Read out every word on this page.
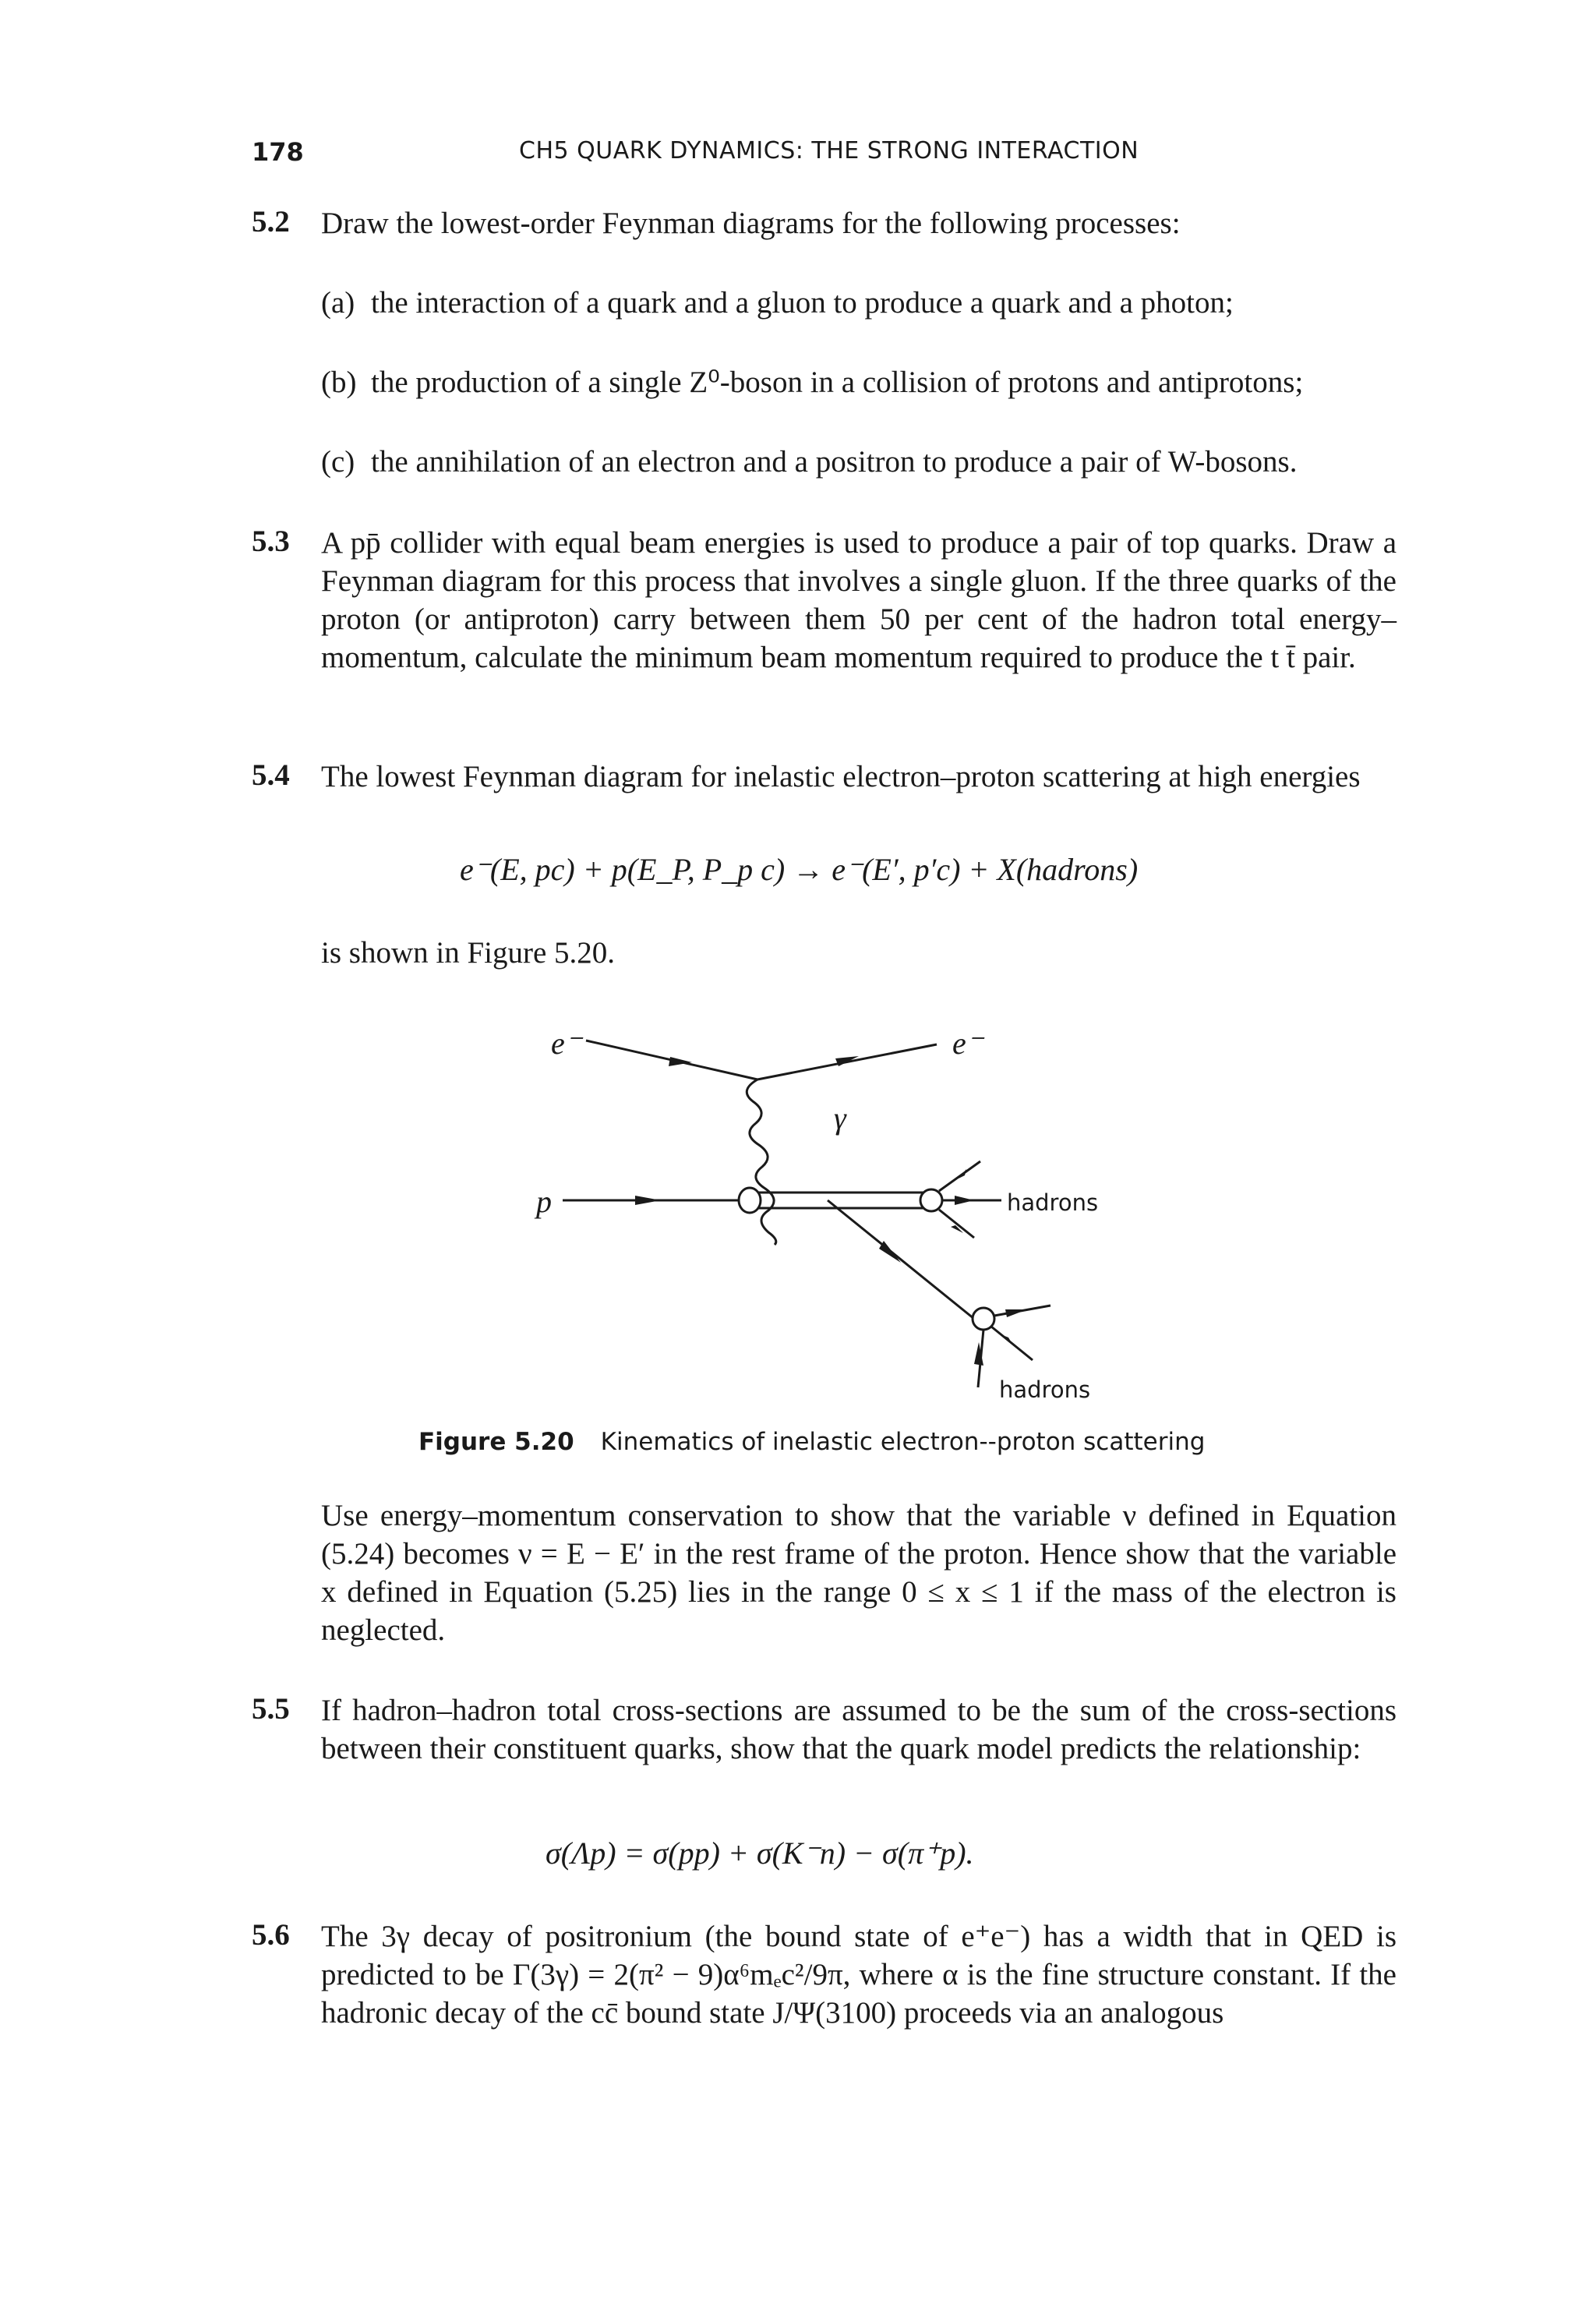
178	CH5 QUARK DYNAMICS: THE STRONG INTERACTION
5.2 Draw the lowest-order Feynman diagrams for the following processes:
(a) the interaction of a quark and a gluon to produce a quark and a photon;
(b) the production of a single Z⁰-boson in a collision of protons and antiprotons;
(c) the annihilation of an electron and a positron to produce a pair of W-bosons.
5.3 A pp̄ collider with equal beam energies is used to produce a pair of top quarks. Draw a Feynman diagram for this process that involves a single gluon. If the three quarks of the proton (or antiproton) carry between them 50 per cent of the hadron total energy–momentum, calculate the minimum beam momentum required to produce the t t̄ pair.
5.4 The lowest Feynman diagram for inelastic electron–proton scattering at high energies
e⁻(E, pc) + p(E_P, P_p c) → e⁻(E′, p′c) + X(hadrons)
is shown in Figure 5.20.
e⁻	e⁻
γ
p	hadrons
hadrons
Figure 5.20 Kinematics of inelastic electron--proton scattering
Use energy–momentum conservation to show that the variable ν defined in Equation (5.24) becomes ν = E − E′ in the rest frame of the proton. Hence show that the variable x defined in Equation (5.25) lies in the range 0 ≤ x ≤ 1 if the mass of the electron is neglected.
5.5 If hadron–hadron total cross-sections are assumed to be the sum of the cross-sections between their constituent quarks, show that the quark model predicts the relationship:
σ(Λp) = σ(pp) + σ(K⁻n) − σ(π⁺p).
5.6 The 3γ decay of positronium (the bound state of e⁺e⁻) has a width that in QED is predicted to be Γ(3γ) = 2(π² − 9)α⁶mₑc²/9π, where α is the fine structure constant. If the hadronic decay of the cc̄ bound state J/Ψ(3100) proceeds via an analogous
